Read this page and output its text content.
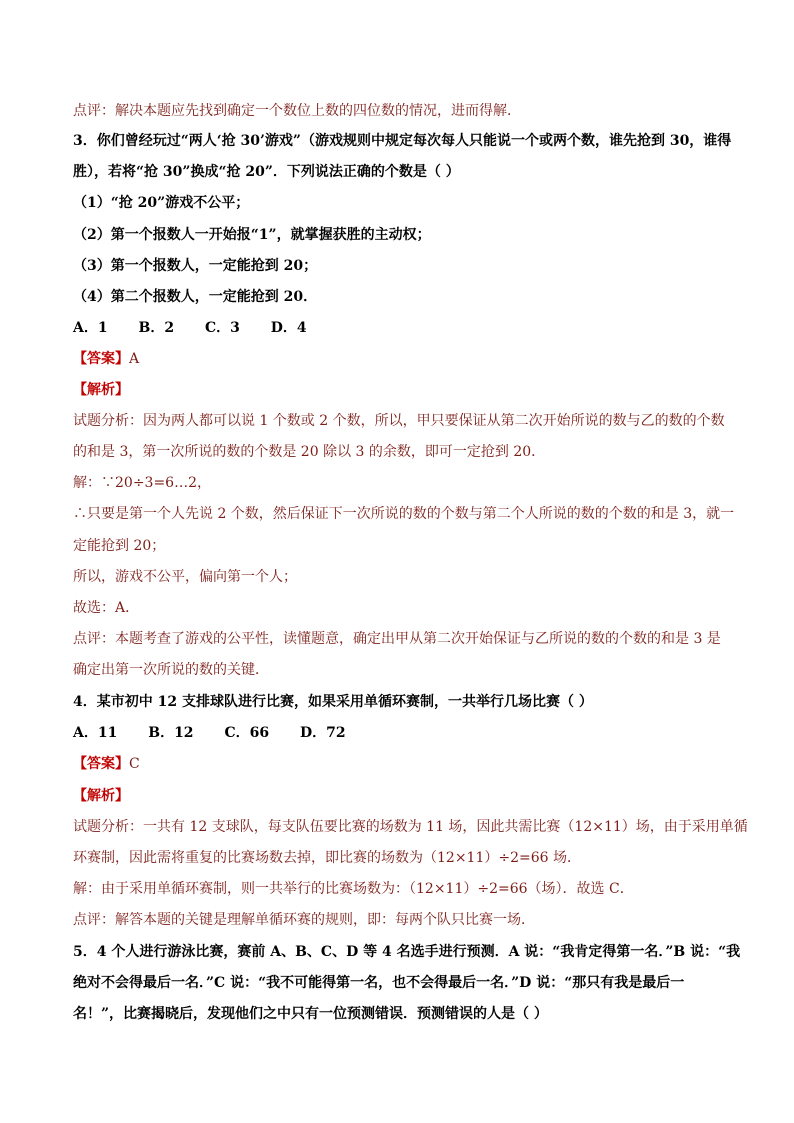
点评：解决本题应先找到确定一个数位上数的四位数的情况，进而得解．
3．你们曾经玩过“两人‘抢 30’游戏”（游戏规则中规定每次每人只能说一个或两个数，谁先抢到 30，谁得
胜），若将“抢 30”换成“抢 20”．下列说法正确的个数是（ ）
（1）“抢 20”游戏不公平；
（2）第一个报数人一开始报“1”，就掌握获胜的主动权；
（3）第一个报数人，一定能抢到 20；
（4）第二个报数人，一定能抢到 20．
A．1 B．2 C．3 D．4
【答案】A
【解析】
试题分析：因为两人都可以说 1 个数或 2 个数，所以，甲只要保证从第二次开始所说的数与乙的数的个数
的和是 3，第一次所说的数的个数是 20 除以 3 的余数，即可一定抢到 20．
解：∵20÷3=6…2，
∴只要是第一个人先说 2 个数，然后保证下一次所说的数的个数与第二个人所说的数的个数的和是 3，就一
定能抢到 20；
所以，游戏不公平，偏向第一个人；
故选：A．
点评：本题考查了游戏的公平性，读懂题意，确定出甲从第二次开始保证与乙所说的数的个数的和是 3 是
确定出第一次所说的数的关键．
4．某市初中 12 支排球队进行比赛，如果采用单循环赛制，一共举行几场比赛（ ）
A．11 B．12 C．66 D．72
【答案】C
【解析】
试题分析：一共有 12 支球队，每支队伍要比赛的场数为 11 场，因此共需比赛（12×11）场，由于采用单循
环赛制，因此需将重复的比赛场数去掉，即比赛的场数为（12×11）÷2=66 场．
解：由于采用单循环赛制，则一共举行的比赛场数为：（12×11）÷2=66（场）．故选 C．
点评：解答本题的关键是理解单循环赛的规则，即：每两个队只比赛一场．
5．4 个人进行游泳比赛，赛前 A、B、C、D 等 4 名选手进行预测．A 说：“我肯定得第一名．”B 说：“我
绝对不会得最后一名．”C 说：“我不可能得第一名，也不会得最后一名．”D 说：“那只有我是最后一
名！”，比赛揭晓后，发现他们之中只有一位预测错误．预测错误的人是（ ）
